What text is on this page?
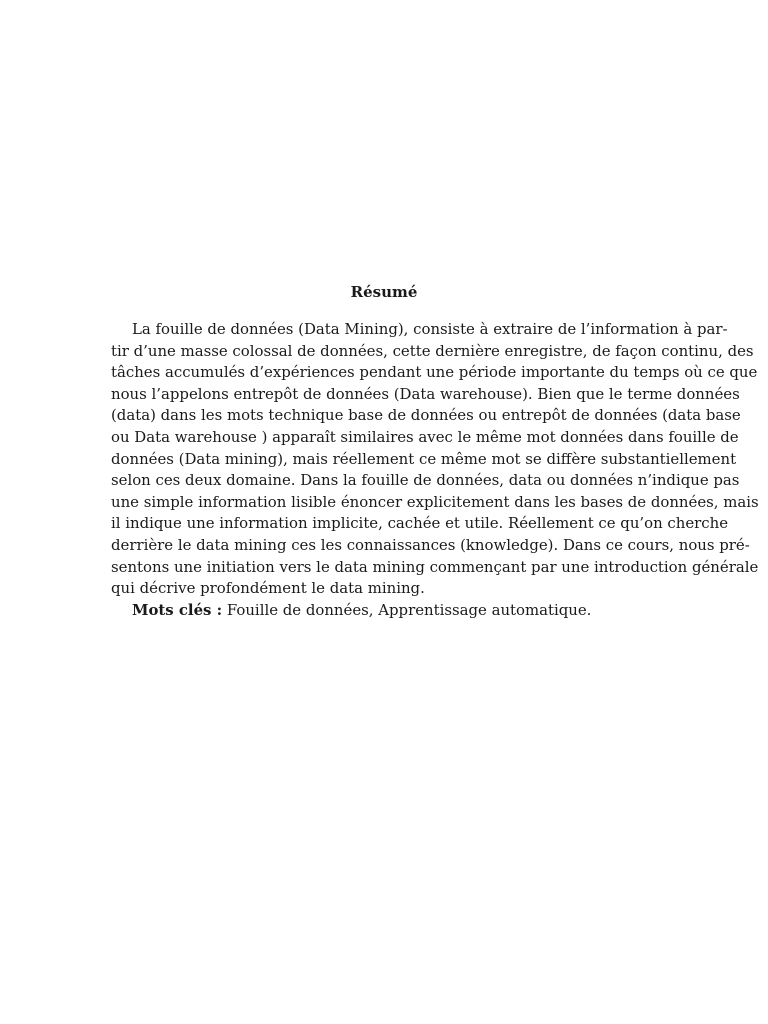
Résumé
La fouille de données (Data Mining), consiste à extraire de l’information à par-
tir d’une masse colossal de données, cette dernière enregistre, de façon continu, des
tâches accumulés d’expériences pendant une période importante du temps où ce que
nous l’appelons entrepôt de données (Data warehouse). Bien que le terme données
(data) dans les mots technique base de données ou entrepôt de données (data base
ou Data warehouse ) apparaît similaires avec le même mot données dans fouille de
données (Data mining), mais réellement ce même mot se diffère substantiellement
selon ces deux domaine. Dans la fouille de données, data ou données n’indique pas
une simple information lisible énoncer explicitement dans les bases de données, mais
il indique une information implicite, cachée et utile. Réellement ce qu’on cherche
derrière le data mining ces les connaissances (knowledge). Dans ce cours, nous pré-
sentons une initiation vers le data mining commençant par une introduction générale
qui décrive profondément le data mining.
Mots clés : Fouille de données, Apprentissage automatique.
